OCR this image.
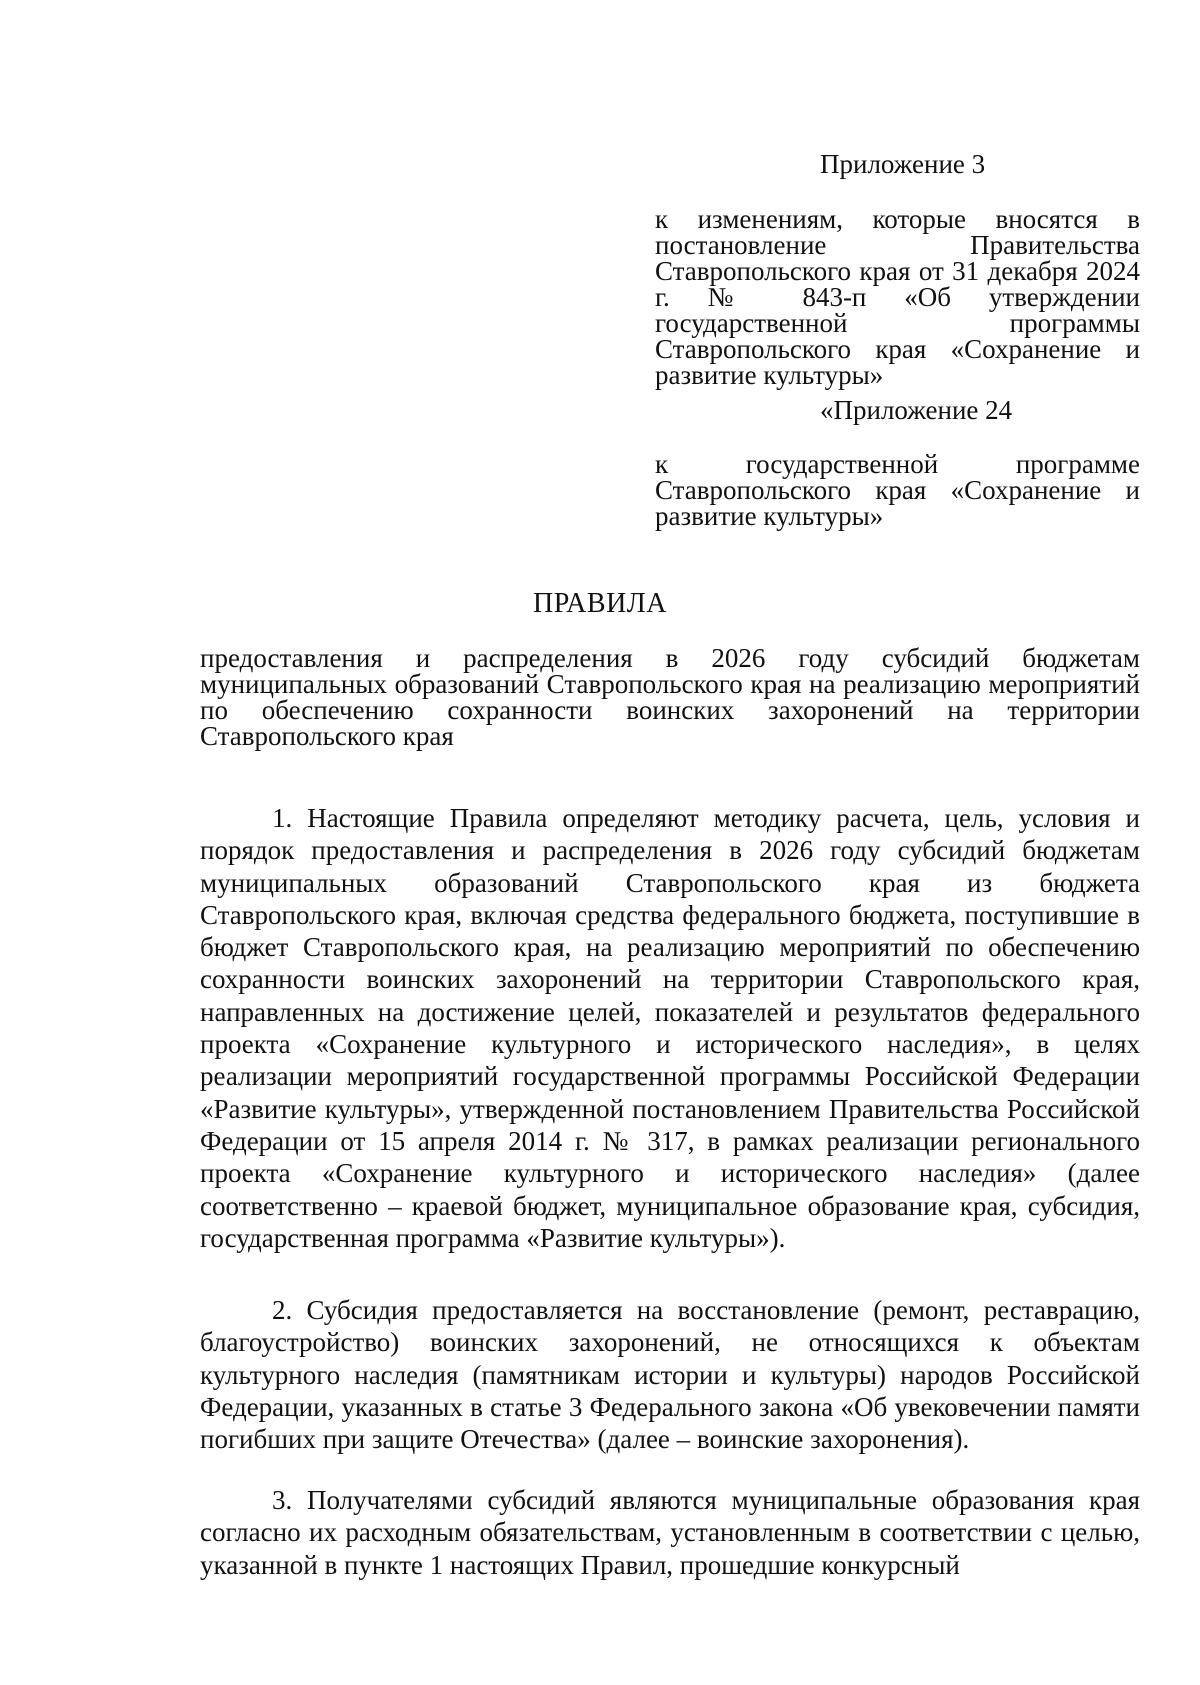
Приложение 3

к изменениям, которые вносятся в постановление Правительства Ставропольского края от 31 декабря 2024 г. № 843-п «Об утверждении государственной программы Ставропольского края «Сохранение и развитие культуры»

«Приложение 24

к государственной программе Ставропольского края «Сохранение и развитие культуры»

ПРАВИЛА

предоставления и распределения в 2026 году субсидий бюджетам муниципальных образований Ставропольского края на реализацию мероприятий по обеспечению сохранности воинских захоронений на территории Ставропольского края

1. Настоящие Правила определяют методику расчета, цель, условия и порядок предоставления и распределения в 2026 году субсидий бюджетам муниципальных образований Ставропольского края из бюджета Ставропольского края, включая средства федерального бюджета, поступившие в бюджет Ставропольского края, на реализацию мероприятий по обеспечению сохранности воинских захоронений на территории Ставропольского края, направленных на достижение целей, показателей и результатов федерального проекта «Сохранение культурного и исторического наследия», в целях реализации мероприятий государственной программы Российской Федерации «Развитие культуры», утвержденной постановлением Правительства Российской Федерации от 15 апреля 2014 г. № 317, в рамках реализации регионального проекта «Сохранение культурного и исторического наследия» (далее соответственно – краевой бюджет, муниципальное образование края, субсидия, государственная программа «Развитие культуры»).

2. Субсидия предоставляется на восстановление (ремонт, реставрацию, благоустройство) воинских захоронений, не относящихся к объектам культурного наследия (памятникам истории и культуры) народов Российской Федерации, указанных в статье 3 Федерального закона «Об увековечении памяти погибших при защите Отечества» (далее – воинские захоронения).

3. Получателями субсидий являются муниципальные образования края согласно их расходным обязательствам, установленным в соответствии с целью, указанной в пункте 1 настоящих Правил, прошедшие конкурсный
